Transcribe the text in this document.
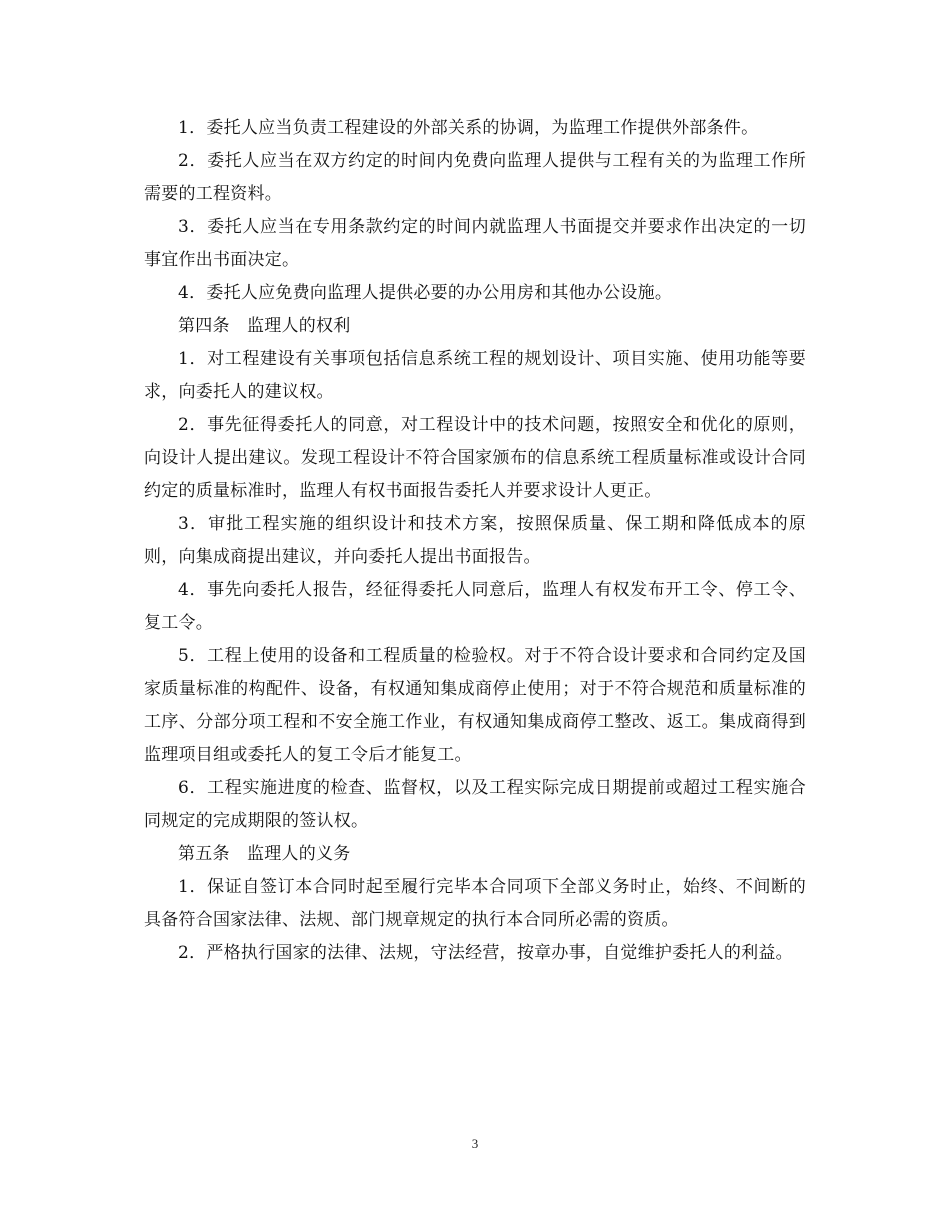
1．委托人应当负责工程建设的外部关系的协调，为监理工作提供外部条件。

2．委托人应当在双方约定的时间内免费向监理人提供与工程有关的为监理工作所需要的工程资料。

3．委托人应当在专用条款约定的时间内就监理人书面提交并要求作出决定的一切事宜作出书面决定。

4．委托人应免费向监理人提供必要的办公用房和其他办公设施。

第四条　监理人的权利

1．对工程建设有关事项包括信息系统工程的规划设计、项目实施、使用功能等要求，向委托人的建议权。

2．事先征得委托人的同意，对工程设计中的技术问题，按照安全和优化的原则，向设计人提出建议。发现工程设计不符合国家颁布的信息系统工程质量标准或设计合同约定的质量标准时，监理人有权书面报告委托人并要求设计人更正。

3．审批工程实施的组织设计和技术方案，按照保质量、保工期和降低成本的原则，向集成商提出建议，并向委托人提出书面报告。

4．事先向委托人报告，经征得委托人同意后，监理人有权发布开工令、停工令、复工令。

5．工程上使用的设备和工程质量的检验权。对于不符合设计要求和合同约定及国家质量标准的构配件、设备，有权通知集成商停止使用；对于不符合规范和质量标准的工序、分部分项工程和不安全施工作业，有权通知集成商停工整改、返工。集成商得到监理项目组或委托人的复工令后才能复工。

6．工程实施进度的检查、监督权，以及工程实际完成日期提前或超过工程实施合同规定的完成期限的签认权。

第五条　监理人的义务

1．保证自签订本合同时起至履行完毕本合同项下全部义务时止，始终、不间断的具备符合国家法律、法规、部门规章规定的执行本合同所必需的资质。

2．严格执行国家的法律、法规，守法经营，按章办事，自觉维护委托人的利益。

3
